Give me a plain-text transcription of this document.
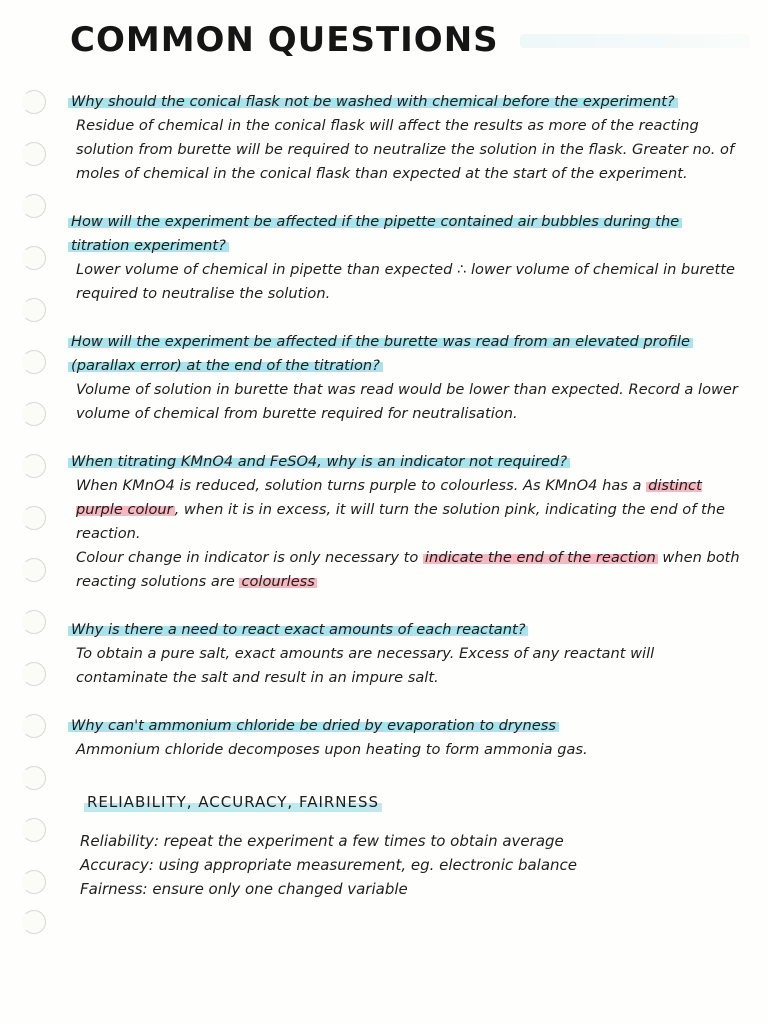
COMMON QUESTIONS

Why should the conical flask not be washed with chemical before the experiment?

Residue of chemical in the conical flask will affect the results as more of the reacting solution from burette will be required to neutralize the solution in the flask. Greater no. of moles of chemical in the conical flask than expected at the start of the experiment.

How will the experiment be affected if the pipette contained air bubbles during the titration experiment?

Lower volume of chemical in pipette than expected ∴ lower volume of chemical in burette required to neutralise the solution.

How will the experiment be affected if the burette was read from an elevated profile (parallax error) at the end of the titration?

Volume of solution in burette that was read would be lower than expected. Record a lower volume of chemical from burette required for neutralisation.

When titrating KMnO4 and FeSO4, why is an indicator not required?

When KMnO4 is reduced, solution turns purple to colourless. As KMnO4 has a distinct purple colour , when it is in excess, it will turn the solution pink, indicating the end of the reaction.

Colour change in indicator is only necessary to indicate the end of the reaction when both reacting solutions are colourless

Why is there a need to react exact amounts of each reactant?

To obtain a pure salt, exact amounts are necessary. Excess of any reactant will contaminate the salt and result in an impure salt.

Why can't ammonium chloride be dried by evaporation to dryness

Ammonium chloride decomposes upon heating to form ammonia gas.

RELIABILITY, ACCURACY, FAIRNESS
Reliability: repeat the experiment a few times to obtain average
Accuracy: using appropriate measurement, eg. electronic balance
Fairness: ensure only one changed variable
